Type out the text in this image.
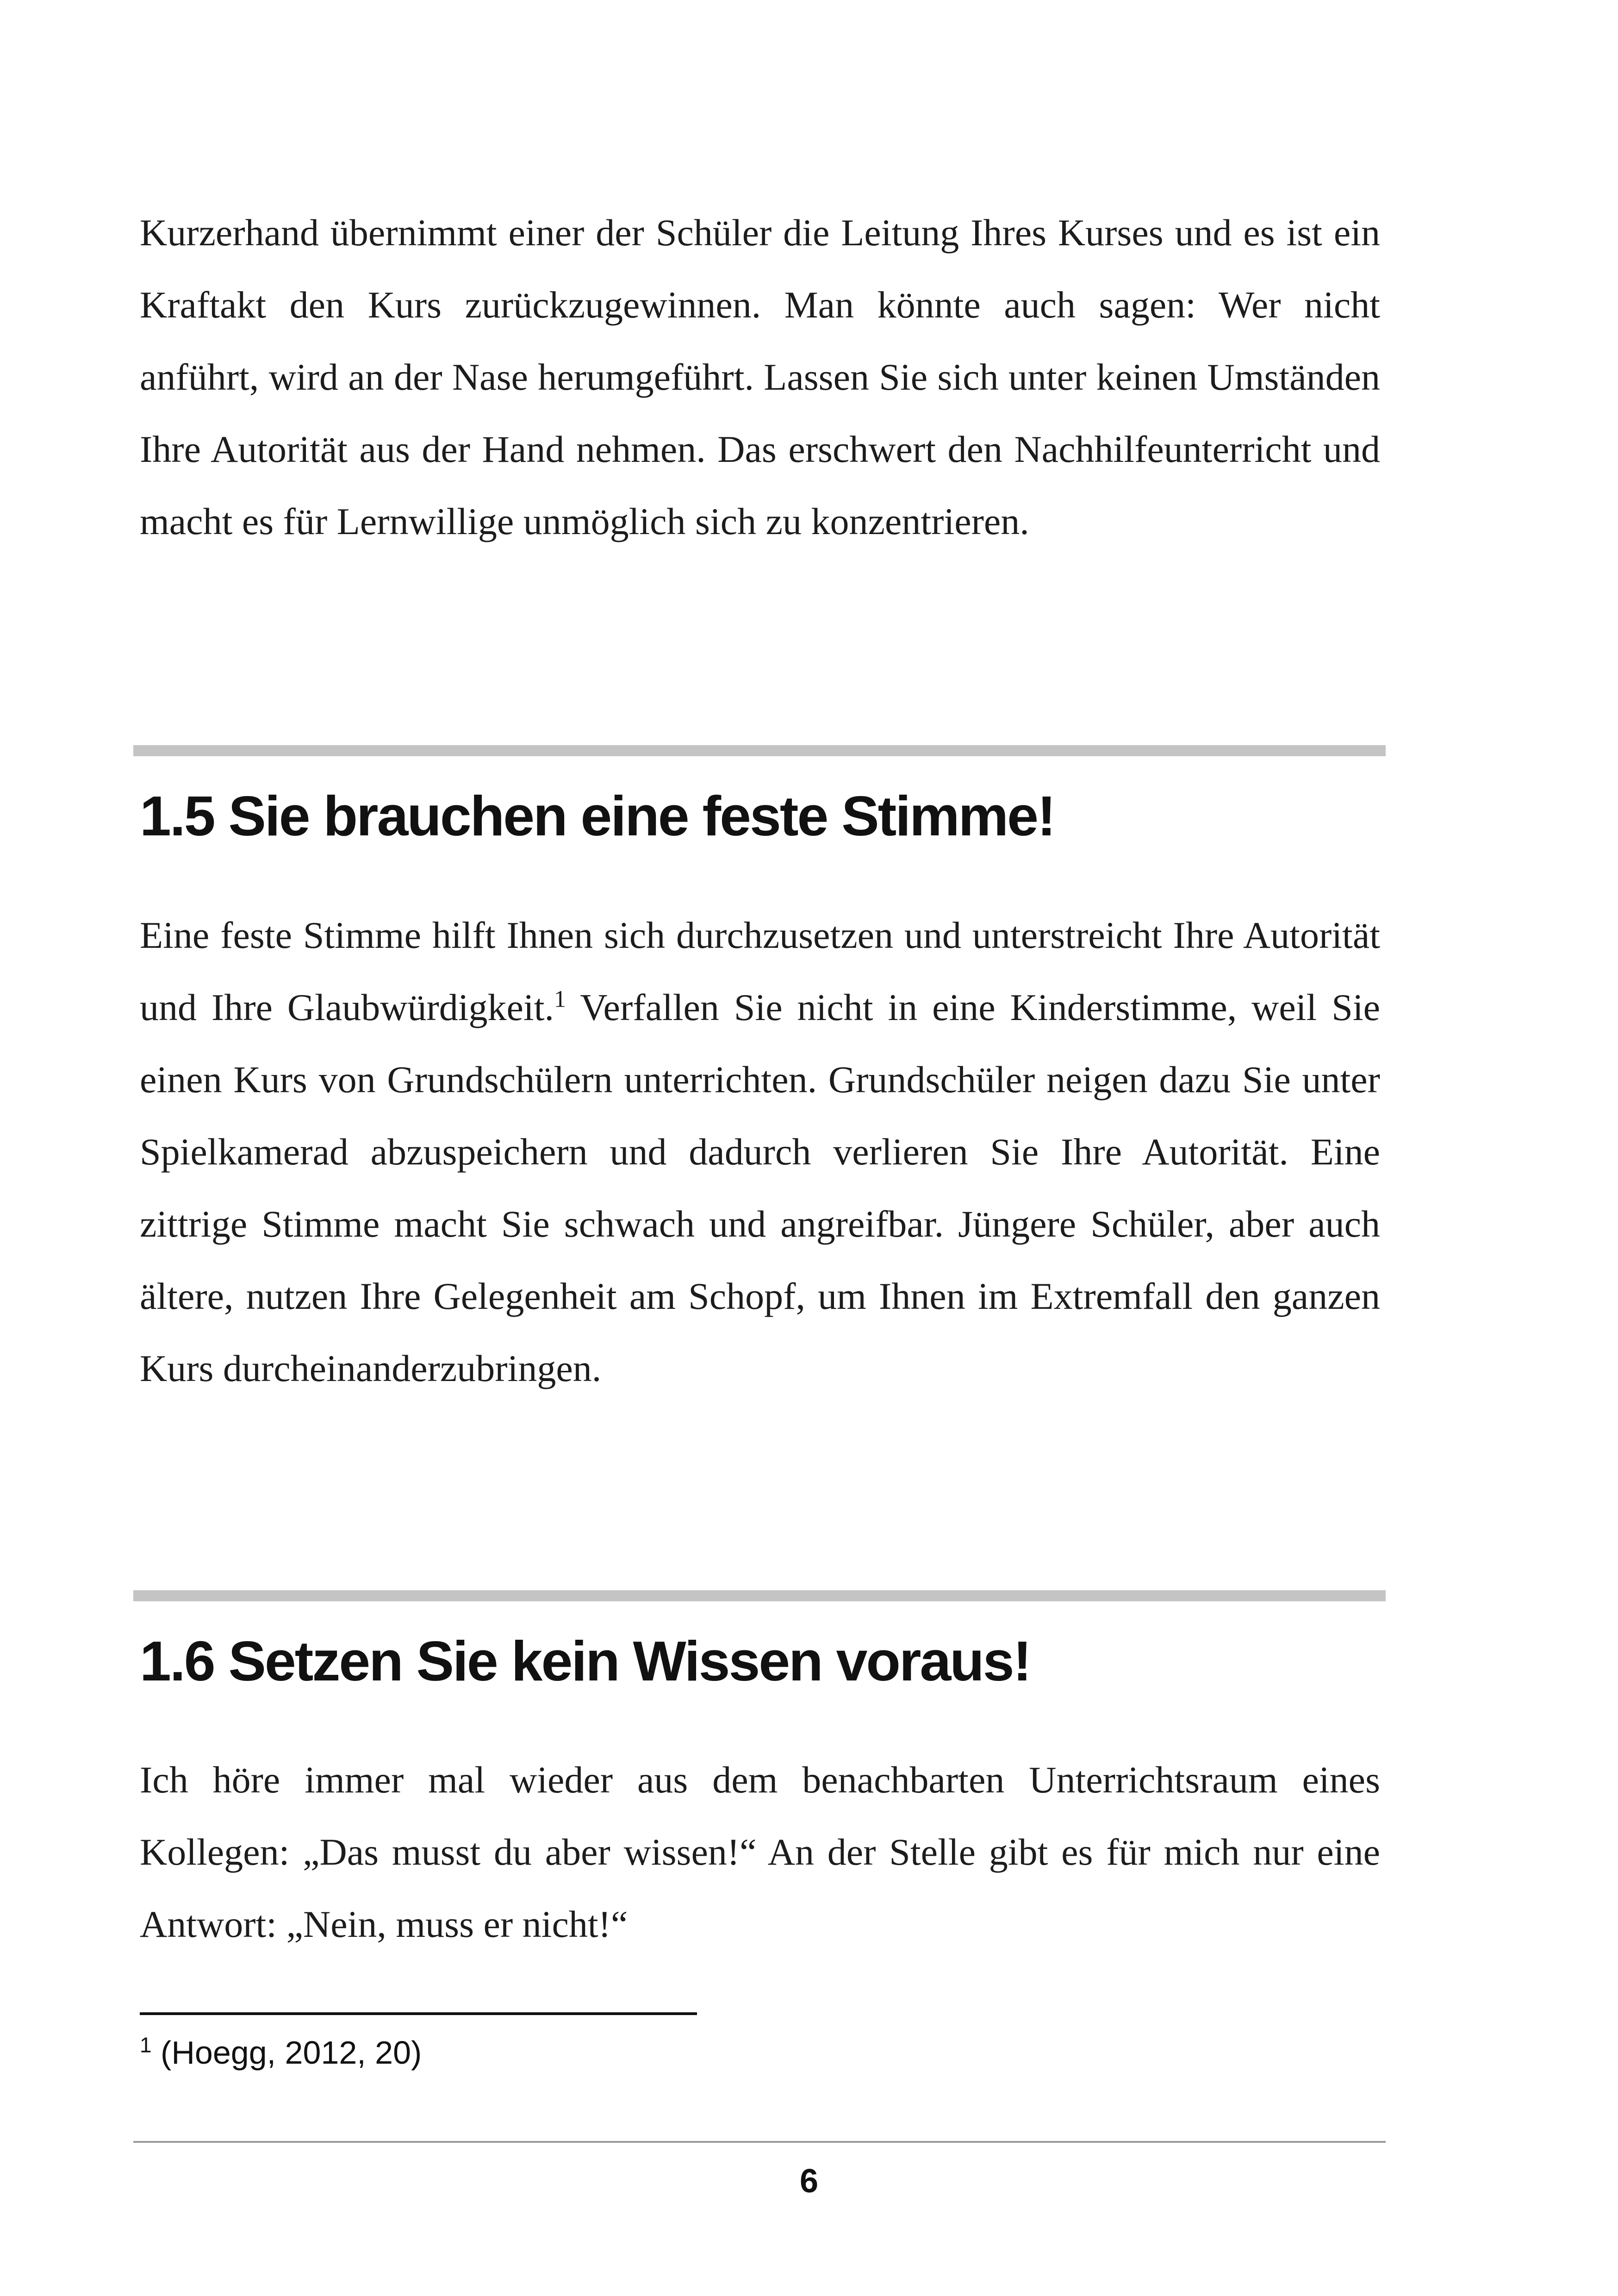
Kurzerhand übernimmt einer der Schüler die Leitung Ihres Kurses und es ist ein Kraftakt den Kurs zurückzugewinnen. Man könnte auch sagen: Wer nicht anführt, wird an der Nase herumgeführt. Lassen Sie sich unter keinen Umständen Ihre Autorität aus der Hand nehmen. Das erschwert den Nachhilfeunterricht und macht es für Lernwillige unmöglich sich zu konzentrieren.

1.5 Sie brauchen eine feste Stimme!

Eine feste Stimme hilft Ihnen sich durchzusetzen und unterstreicht Ihre Autorität und Ihre Glaubwürdigkeit.$^1$ Verfallen Sie nicht in eine Kinderstimme, weil Sie einen Kurs von Grundschülern unterrichten. Grundschüler neigen dazu Sie unter Spielkamerad abzuspeichern und dadurch verlieren Sie Ihre Autorität. Eine zittrige Stimme macht Sie schwach und angreifbar. Jüngere Schüler, aber auch ältere, nutzen Ihre Gelegenheit am Schopf, um Ihnen im Extremfall den ganzen Kurs durcheinanderzubringen.

1.6 Setzen Sie kein Wissen voraus!

Ich höre immer mal wieder aus dem benachbarten Unterrichtsraum eines Kollegen: „Das musst du aber wissen!“ An der Stelle gibt es für mich nur eine Antwort: „Nein, muss er nicht!“

$^1$ (Hoegg, 2012, 20)
6
